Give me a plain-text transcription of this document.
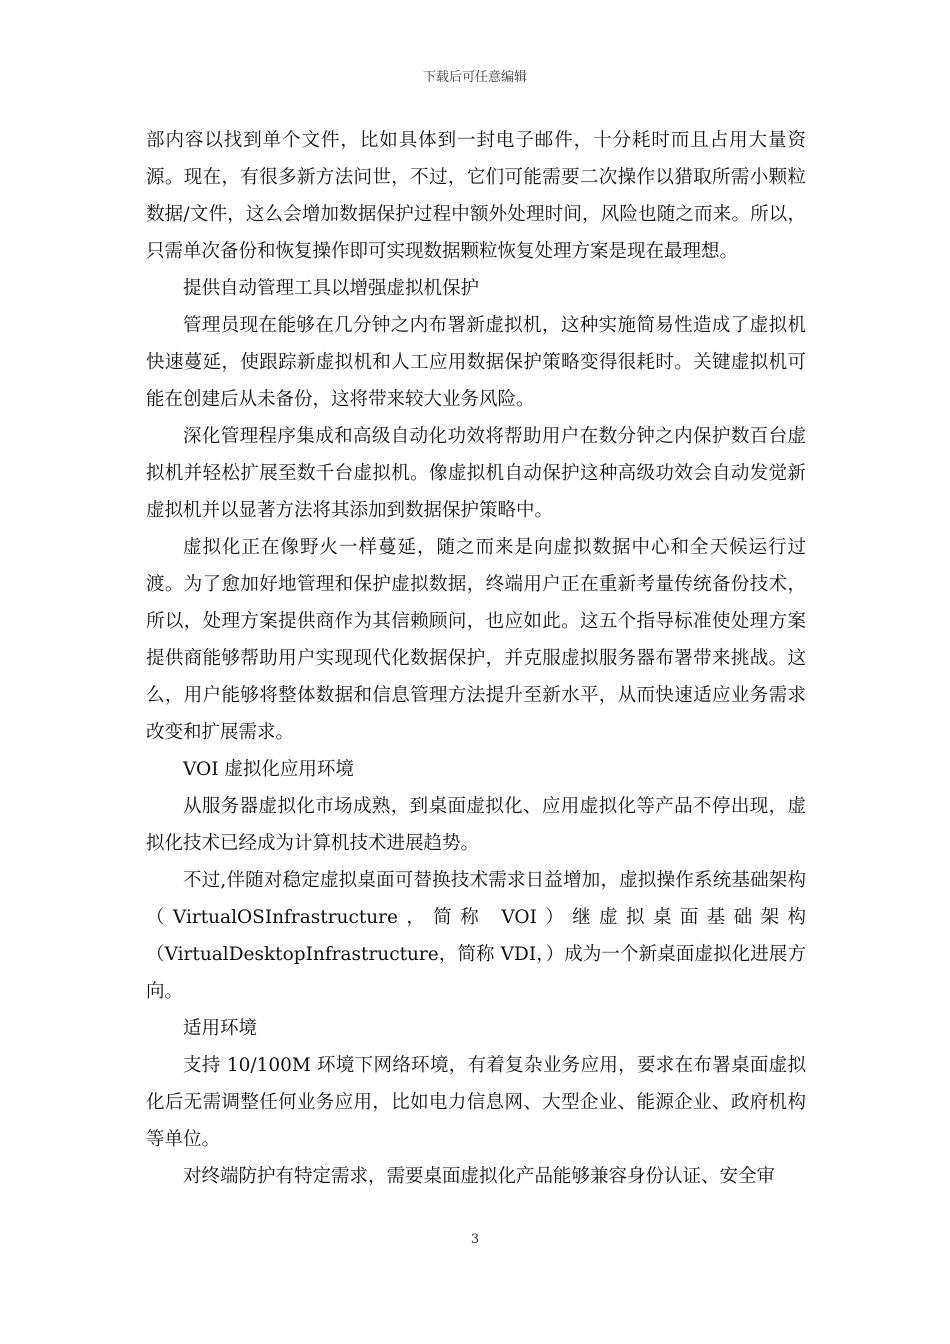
下载后可任意编辑

部内容以找到单个文件，比如具体到一封电子邮件，十分耗时而且占用大量资源。现在，有很多新方法问世，不过，它们可能需要二次操作以猎取所需小颗粒数据/文件，这么会增加数据保护过程中额外处理时间，风险也随之而来。所以，只需单次备份和恢复操作即可实现数据颗粒恢复处理方案是现在最理想。

提供自动管理工具以增强虚拟机保护

管理员现在能够在几分钟之内布署新虚拟机，这种实施简易性造成了虚拟机快速蔓延，使跟踪新虚拟机和人工应用数据保护策略变得很耗时。关键虚拟机可能在创建后从未备份，这将带来较大业务风险。

深化管理程序集成和高级自动化功效将帮助用户在数分钟之内保护数百台虚拟机并轻松扩展至数千台虚拟机。像虚拟机自动保护这种高级功效会自动发觉新虚拟机并以显著方法将其添加到数据保护策略中。

虚拟化正在像野火一样蔓延，随之而来是向虚拟数据中心和全天候运行过渡。为了愈加好地管理和保护虚拟数据，终端用户正在重新考量传统备份技术，所以，处理方案提供商作为其信赖顾问，也应如此。这五个指导标准使处理方案提供商能够帮助用户实现现代化数据保护，并克服虚拟服务器布署带来挑战。这么，用户能够将整体数据和信息管理方法提升至新水平，从而快速适应业务需求改变和扩展需求。

VOI 虚拟化应用环境

从服务器虚拟化市场成熟，到桌面虚拟化、应用虚拟化等产品不停出现，虚拟化技术已经成为计算机技术进展趋势。

不过,伴随对稳定虚拟桌面可替换技术需求日益增加，虚拟操作系统基础架构（VirtualOSInfrastructure，简称 VOI）继虚拟桌面基础架构（VirtualDesktopInfrastructure，简称 VDI，）成为一个新桌面虚拟化进展方向。

适用环境

支持 10/100M 环境下网络环境，有着复杂业务应用，要求在布署桌面虚拟化后无需调整任何业务应用，比如电力信息网、大型企业、能源企业、政府机构等单位。

对终端防护有特定需求，需要桌面虚拟化产品能够兼容身份认证、安全审

3
